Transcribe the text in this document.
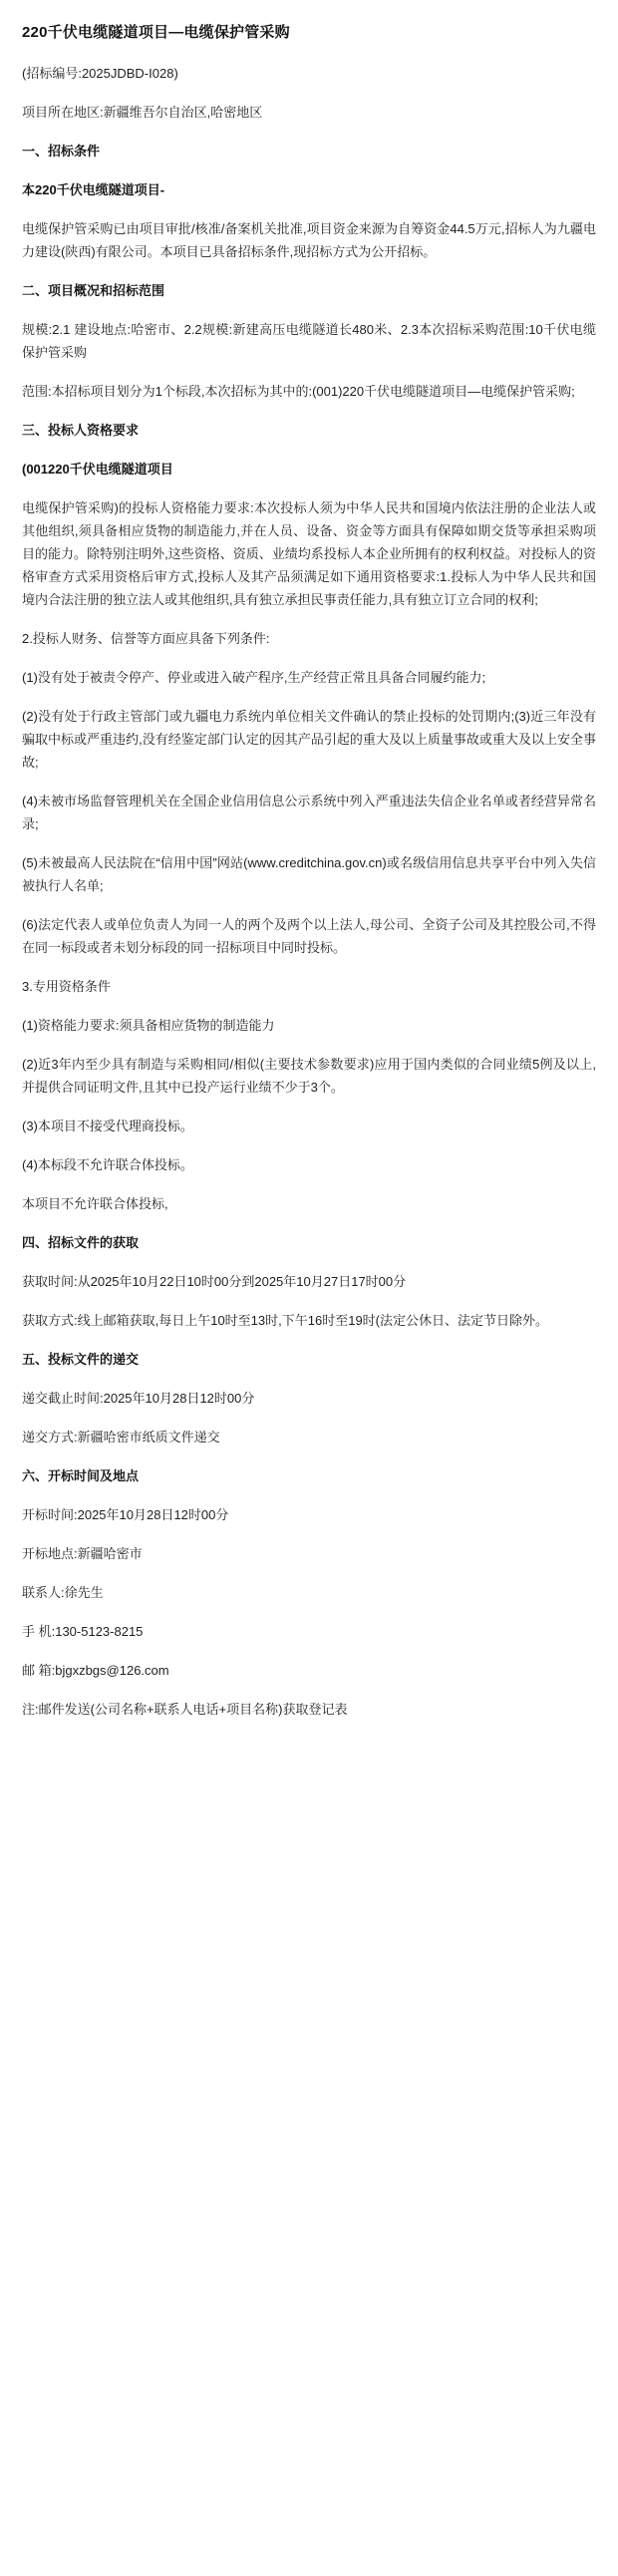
220千伏电缆隧道项目—电缆保护管采购
(招标编号:2025JDBD-I028)
项目所在地区:新疆维吾尔自治区,哈密地区
一、招标条件
本220千伏电缆隧道项目-
电缆保护管采购已由项目审批/核准/备案机关批准,项目资金来源为自筹资金44.5万元,招标人为九疆电力建设(陕西)有限公司。本项目已具备招标条件,现招标方式为公开招标。
二、项目概况和招标范围
规模:2.1 建设地点:哈密市、2.2规模:新建高压电缆隧道长480米、2.3本次招标采购范围:10千伏电缆保护管采购
范围:本招标项目划分为1个标段,本次招标为其中的:(001)220千伏电缆隧道项目—电缆保护管采购;
三、投标人资格要求
(001220千伏电缆隧道项目
电缆保护管采购)的投标人资格能力要求:本次投标人须为中华人民共和国境内依法注册的企业法人或其他组织,须具备相应货物的制造能力,并在人员、设备、资金等方面具有保障如期交货等承担采购项目的能力。除特别注明外,这些资格、资质、业绩均系投标人本企业所拥有的权利权益。对投标人的资格审查方式采用资格后审方式,投标人及其产品须满足如下通用资格要求:1.投标人为中华人民共和国境内合法注册的独立法人或其他组织,具有独立承担民事责任能力,具有独立订立合同的权利;
2.投标人财务、信誉等方面应具备下列条件:
(1)没有处于被责令停产、停业或进入破产程序,生产经营正常且具备合同履约能力;
(2)没有处于行政主管部门或九疆电力系统内单位相关文件确认的禁止投标的处罚期内;(3)近三年没有骗取中标或严重违约,没有经鉴定部门认定的因其产品引起的重大及以上质量事故或重大及以上安全事故;
(4)未被市场监督管理机关在全国企业信用信息公示系统中列入严重违法失信企业名单或者经营异常名录;
(5)未被最高人民法院在“信用中国”网站(www.creditchina.gov.cn)或名级信用信息共享平台中列入失信被执行人名单;
(6)法定代表人或单位负责人为同一人的两个及两个以上法人,母公司、全资子公司及其控股公司,不得在同一标段或者未划分标段的同一招标项目中同时投标。
3.专用资格条件
(1)资格能力要求:须具备相应货物的制造能力
(2)近3年内至少具有制造与采购相同/相似(主要技术参数要求)应用于国内类似的合同业绩5例及以上,并提供合同证明文件,且其中已投产运行业绩不少于3个。
(3)本项目不接受代理商投标。
(4)本标段不允许联合体投标。
本项目不允许联合体投标,
四、招标文件的获取
获取时间:从2025年10月22日10时00分到2025年10月27日17时00分
获取方式:线上邮箱获取,每日上午10时至13时,下午16时至19时(法定公休日、法定节日除外。
五、投标文件的递交
递交截止时间:2025年10月28日12时00分
递交方式:新疆哈密市纸质文件递交
六、开标时间及地点
开标时间:2025年10月28日12时00分
开标地点:新疆哈密市
联系人:徐先生
手 机:130-5123-8215
邮 箱:bjgxzbgs@126.com
注:邮件发送(公司名称+联系人电话+项目名称)获取登记表
